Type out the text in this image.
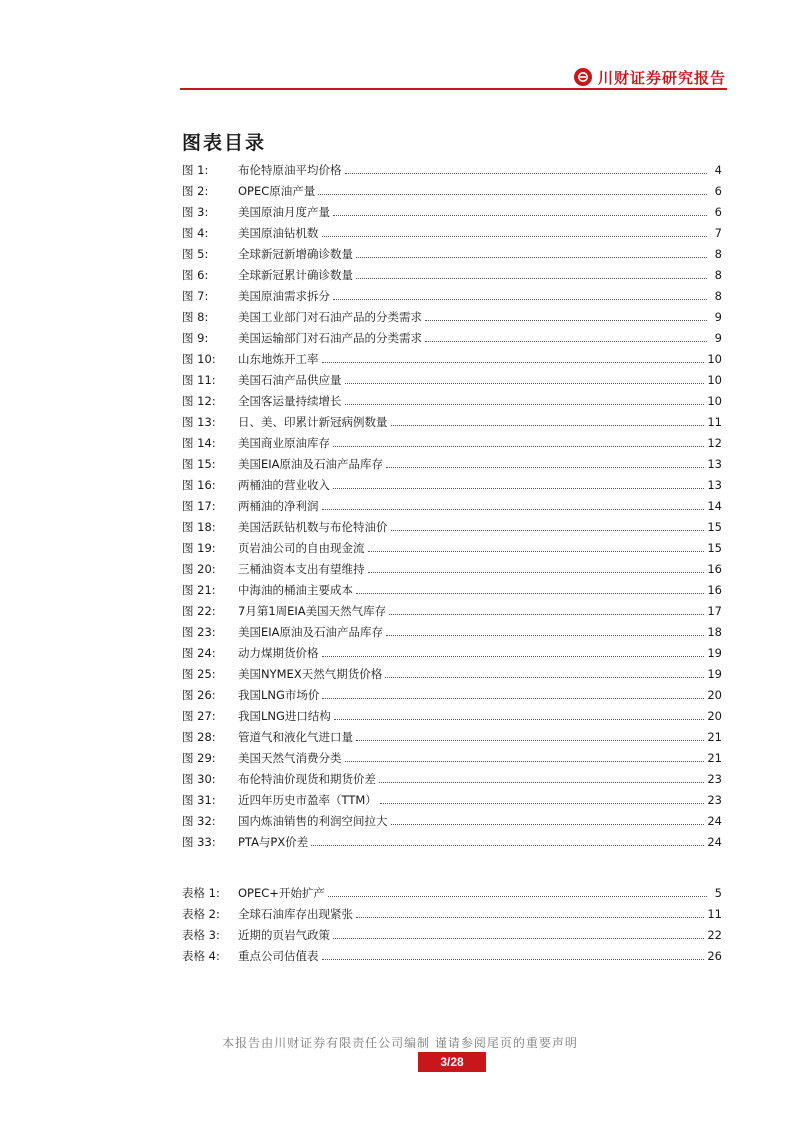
川财证券研究报告
图表目录
图 1:	布伦特原油平均价格	4
图 2:	OPEC原油产量	6
图 3:	美国原油月度产量	6
图 4:	美国原油钻机数	7
图 5:	全球新冠新增确诊数量	8
图 6:	全球新冠累计确诊数量	8
图 7:	美国原油需求拆分	8
图 8:	美国工业部门对石油产品的分类需求	9
图 9:	美国运输部门对石油产品的分类需求	9
图 10:	山东地炼开工率	10
图 11:	美国石油产品供应量	10
图 12:	全国客运量持续增长	10
图 13:	日、美、印累计新冠病例数量	11
图 14:	美国商业原油库存	12
图 15:	美国EIA原油及石油产品库存	13
图 16:	两桶油的营业收入	13
图 17:	两桶油的净利润	14
图 18:	美国活跃钻机数与布伦特油价	15
图 19:	页岩油公司的自由现金流	15
图 20:	三桶油资本支出有望维持	16
图 21:	中海油的桶油主要成本	16
图 22:	7月第1周EIA美国天然气库存	17
图 23:	美国EIA原油及石油产品库存	18
图 24:	动力煤期货价格	19
图 25:	美国NYMEX天然气期货价格	19
图 26:	我国LNG市场价	20
图 27:	我国LNG进口结构	20
图 28:	管道气和液化气进口量	21
图 29:	美国天然气消费分类	21
图 30:	布伦特油价现货和期货价差	23
图 31:	近四年历史市盈率（TTM）	23
图 32:	国内炼油销售的利润空间拉大	24
图 33:	PTA与PX价差	24
表格 1:	OPEC+开始扩产	5
表格 2:	全球石油库存出现紧张	11
表格 3:	近期的页岩气政策	22
表格 4:	重点公司估值表	26
本报告由川财证券有限责任公司编制 谨请参阅尾页的重要声明
3/28
